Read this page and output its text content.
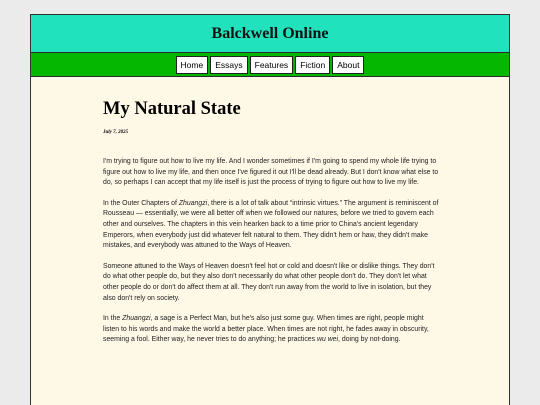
Balckwell Online
Home	Essays	Features	Fiction	About
My Natural State
July 7, 2025

I'm trying to figure out how to live my life. And I wonder sometimes if I'm going to spend my whole life trying to figure out how to live my life, and then once I've figured it out I'll be dead already. But I don't know what else to do, so perhaps I can accept that my life itself is just the process of trying to figure out how to live my life.

In the Outer Chapters of Zhuangzi, there is a lot of talk about “intrinsic virtues.” The argument is reminiscent of Rousseau — essentially, we were all better off when we followed our natures, before we tried to govern each other and ourselves. The chapters in this vein hearken back to a time prior to China's ancient legendary Emperors, when everybody just did whatever felt natural to them. They didn't hem or haw, they didn't make mistakes, and everybody was attuned to the Ways of Heaven.

Someone attuned to the Ways of Heaven doesn't feel hot or cold and doesn't like or dislike things. They don't do what other people do, but they also don't necessarily do what other people don't do. They don't let what other people do or don't do affect them at all. They don't run away from the world to live in isolation, but they also don't rely on society.

In the Zhuangzi, a sage is a Perfect Man, but he's also just some guy. When times are right, people might listen to his words and make the world a better place. When times are not right, he fades away in obscurity, seeming a fool. Either way, he never tries to do anything; he practices wu wei, doing by not-doing.
